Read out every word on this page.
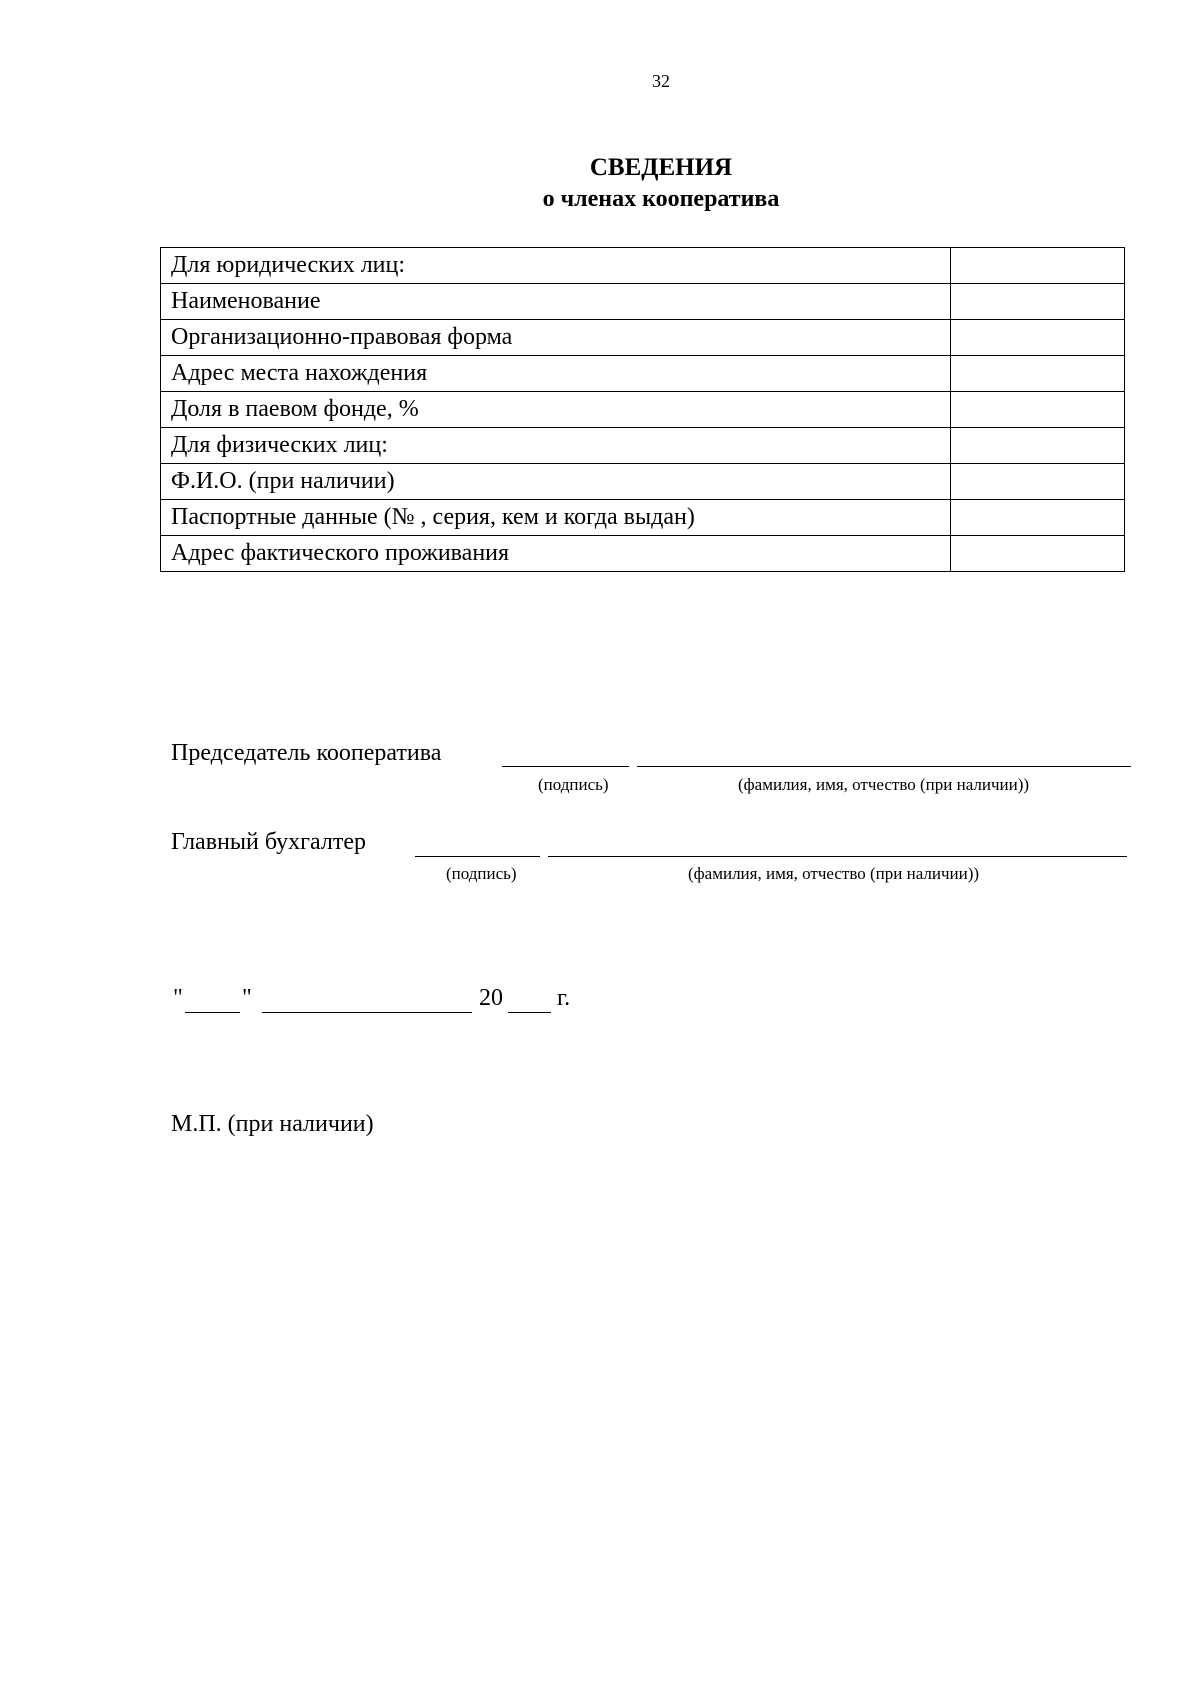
32
СВЕДЕНИЯ
о членах кооператива
Для юридических лиц:	
Наименование	
Организационно-правовая форма	
Адрес места нахождения	
Доля в паевом фонде, %	
Для физических лиц:	
Ф.И.О. (при наличии)	
Паспортные данные (№ , серия, кем и когда выдан)	
Адрес фактического проживания	
Председатель кооператива
(подпись)	(фамилия, имя, отчество (при наличии))
Главный бухгалтер
(подпись)	(фамилия, имя, отчество (при наличии))
" "	20 г.
М.П. (при наличии)
